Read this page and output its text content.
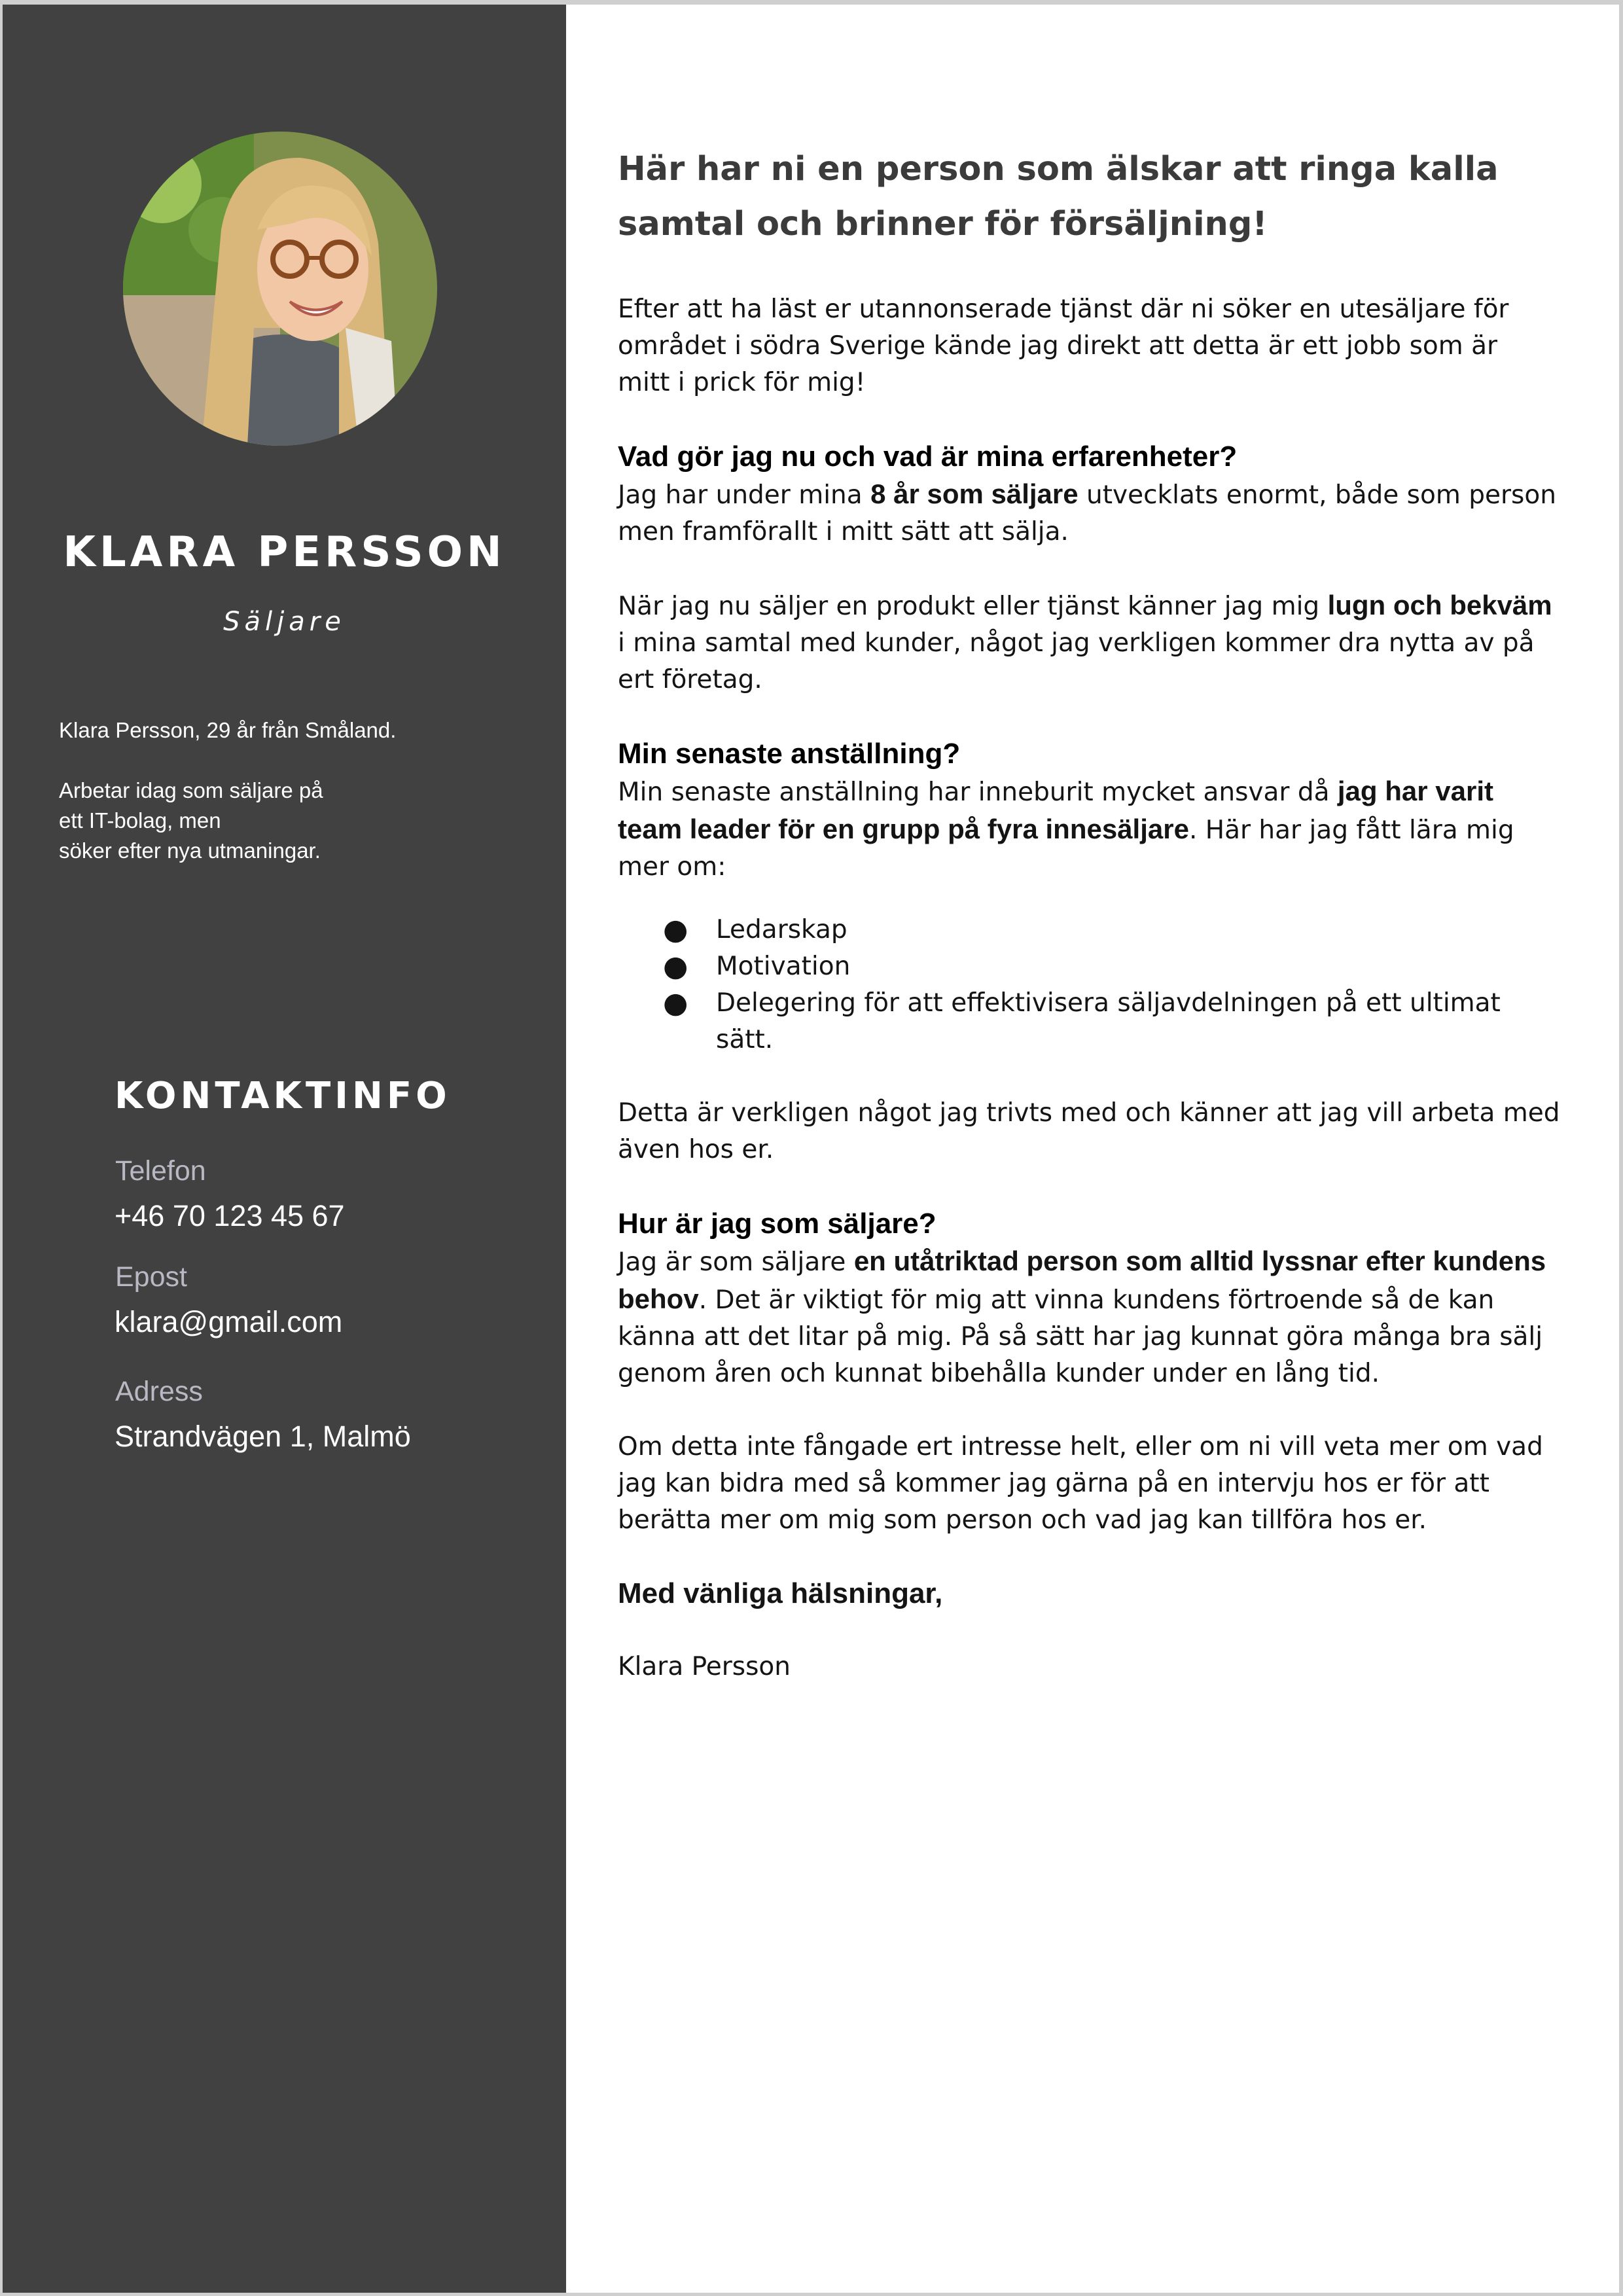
KLARA PERSSON
Säljare

Klara Persson, 29 år från Småland.

Arbetar idag som säljare på
ett IT-bolag, men
söker efter nya utmaningar.

KONTAKTINFO
Telefon
+46 70 123 45 67
Epost
klara@gmail.com
Adress
Strandvägen 1, Malmö
Här har ni en person som älskar att ringa kalla
samtal och brinner för försäljning!

Efter att ha läst er utannonserade tjänst där ni söker en utesäljare för
området i södra Sverige kände jag direkt att detta är ett jobb som är
mitt i prick för mig!

Vad gör jag nu och vad är mina erfarenheter?

Jag har under mina 8 år som säljare utvecklats enormt, både som person
men framförallt i mitt sätt att sälja.

När jag nu säljer en produkt eller tjänst känner jag mig lugn och bekväm
i mina samtal med kunder, något jag verkligen kommer dra nytta av på
ert företag.

Min senaste anställning?

Min senaste anställning har inneburit mycket ansvar då jag har varit
team leader för en grupp på fyra innesäljare. Här har jag fått lära mig
mer om:

● Ledarskap
● Motivation
● Delegering för att effektivisera säljavdelningen på ett ultimat
sätt.

Detta är verkligen något jag trivts med och känner att jag vill arbeta med
även hos er.

Hur är jag som säljare?

Jag är som säljare en utåtriktad person som alltid lyssnar efter kundens
behov. Det är viktigt för mig att vinna kundens förtroende så de kan
känna att det litar på mig. På så sätt har jag kunnat göra många bra sälj
genom åren och kunnat bibehålla kunder under en lång tid.

Om detta inte fångade ert intresse helt, eller om ni vill veta mer om vad
jag kan bidra med så kommer jag gärna på en intervju hos er för att
berätta mer om mig som person och vad jag kan tillföra hos er.

Med vänliga hälsningar,

Klara Persson
